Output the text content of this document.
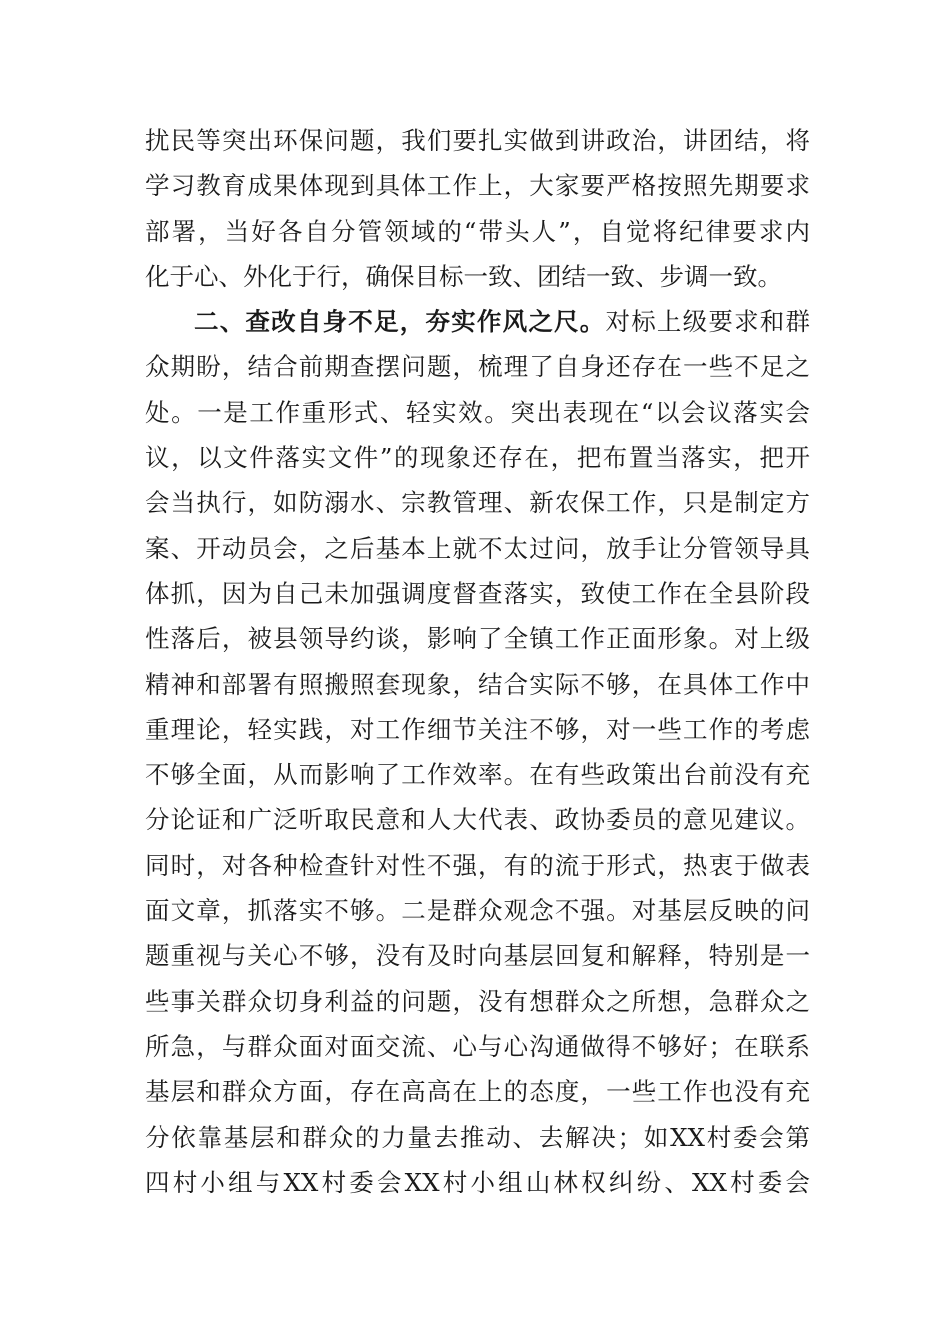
扰民等突出环保问题，我们要扎实做到讲政治，讲团结，将
学习教育成果体现到具体工作上，大家要严格按照先期要求
部署，当好各自分管领域的“带头人”，自觉将纪律要求内
化于心、外化于行，确保目标一致、团结一致、步调一致。
二、查改自身不足，夯实作风之尺。对标上级要求和群
众期盼，结合前期查摆问题，梳理了自身还存在一些不足之
处。一是工作重形式、轻实效。突出表现在“以会议落实会
议，以文件落实文件”的现象还存在，把布置当落实，把开
会当执行，如防溺水、宗教管理、新农保工作，只是制定方
案、开动员会，之后基本上就不太过问，放手让分管领导具
体抓，因为自己未加强调度督查落实，致使工作在全县阶段
性落后，被县领导约谈，影响了全镇工作正面形象。对上级
精神和部署有照搬照套现象，结合实际不够，在具体工作中
重理论，轻实践，对工作细节关注不够，对一些工作的考虑
不够全面，从而影响了工作效率。在有些政策出台前没有充
分论证和广泛听取民意和人大代表、政协委员的意见建议。
同时，对各种检查针对性不强，有的流于形式，热衷于做表
面文章，抓落实不够。二是群众观念不强。对基层反映的问
题重视与关心不够，没有及时向基层回复和解释，特别是一
些事关群众切身利益的问题，没有想群众之所想，急群众之
所急，与群众面对面交流、心与心沟通做得不够好；在联系
基层和群众方面，存在高高在上的态度，一些工作也没有充
分依靠基层和群众的力量去推动、去解决；如XX村委会第
四村小组与XX村委会XX村小组山林权纠纷、XX村委会
